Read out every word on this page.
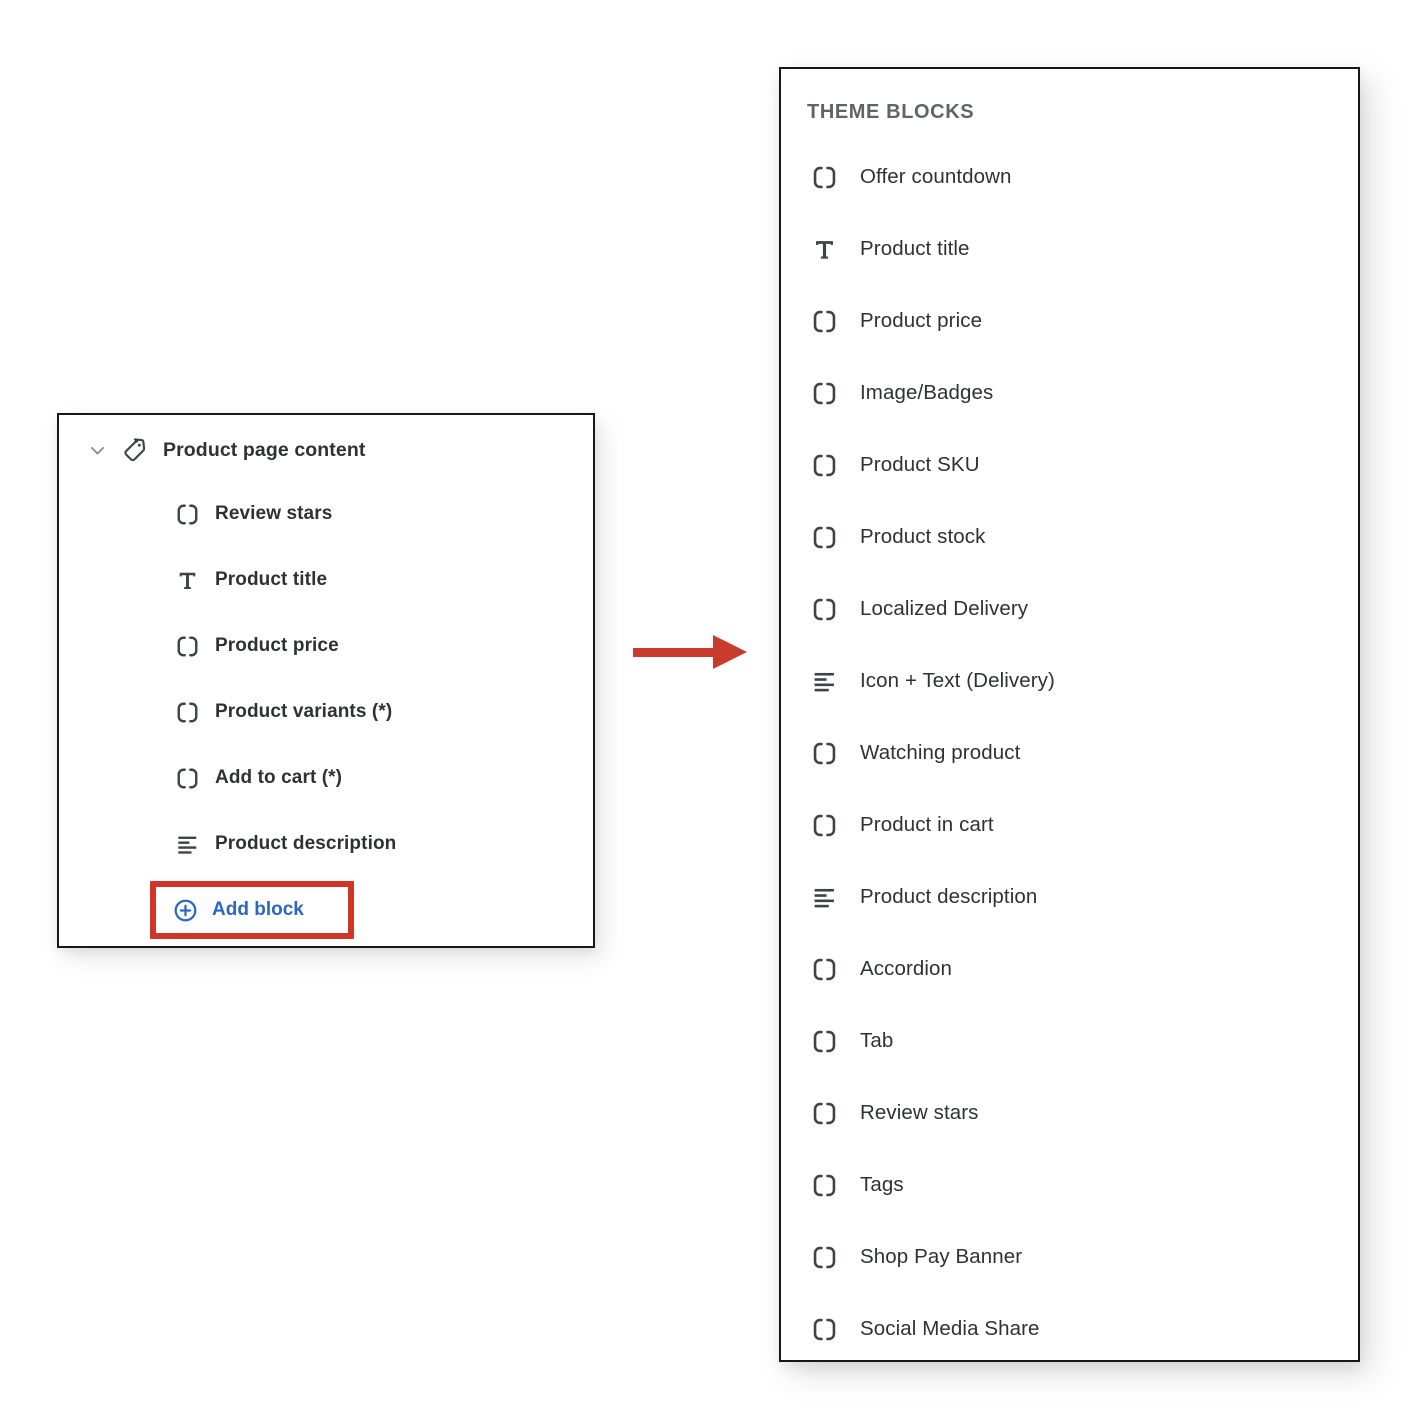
Product page content
Review stars
Product title
Product price
Product variants (*)
Add to cart (*)
Product description
Add block
THEME BLOCKS
Offer countdown
Product title
Product price
Image/Badges
Product SKU
Product stock
Localized Delivery
Icon + Text (Delivery)
Watching product
Product in cart
Product description
Accordion
Tab
Review stars
Tags
Shop Pay Banner
Social Media Share
